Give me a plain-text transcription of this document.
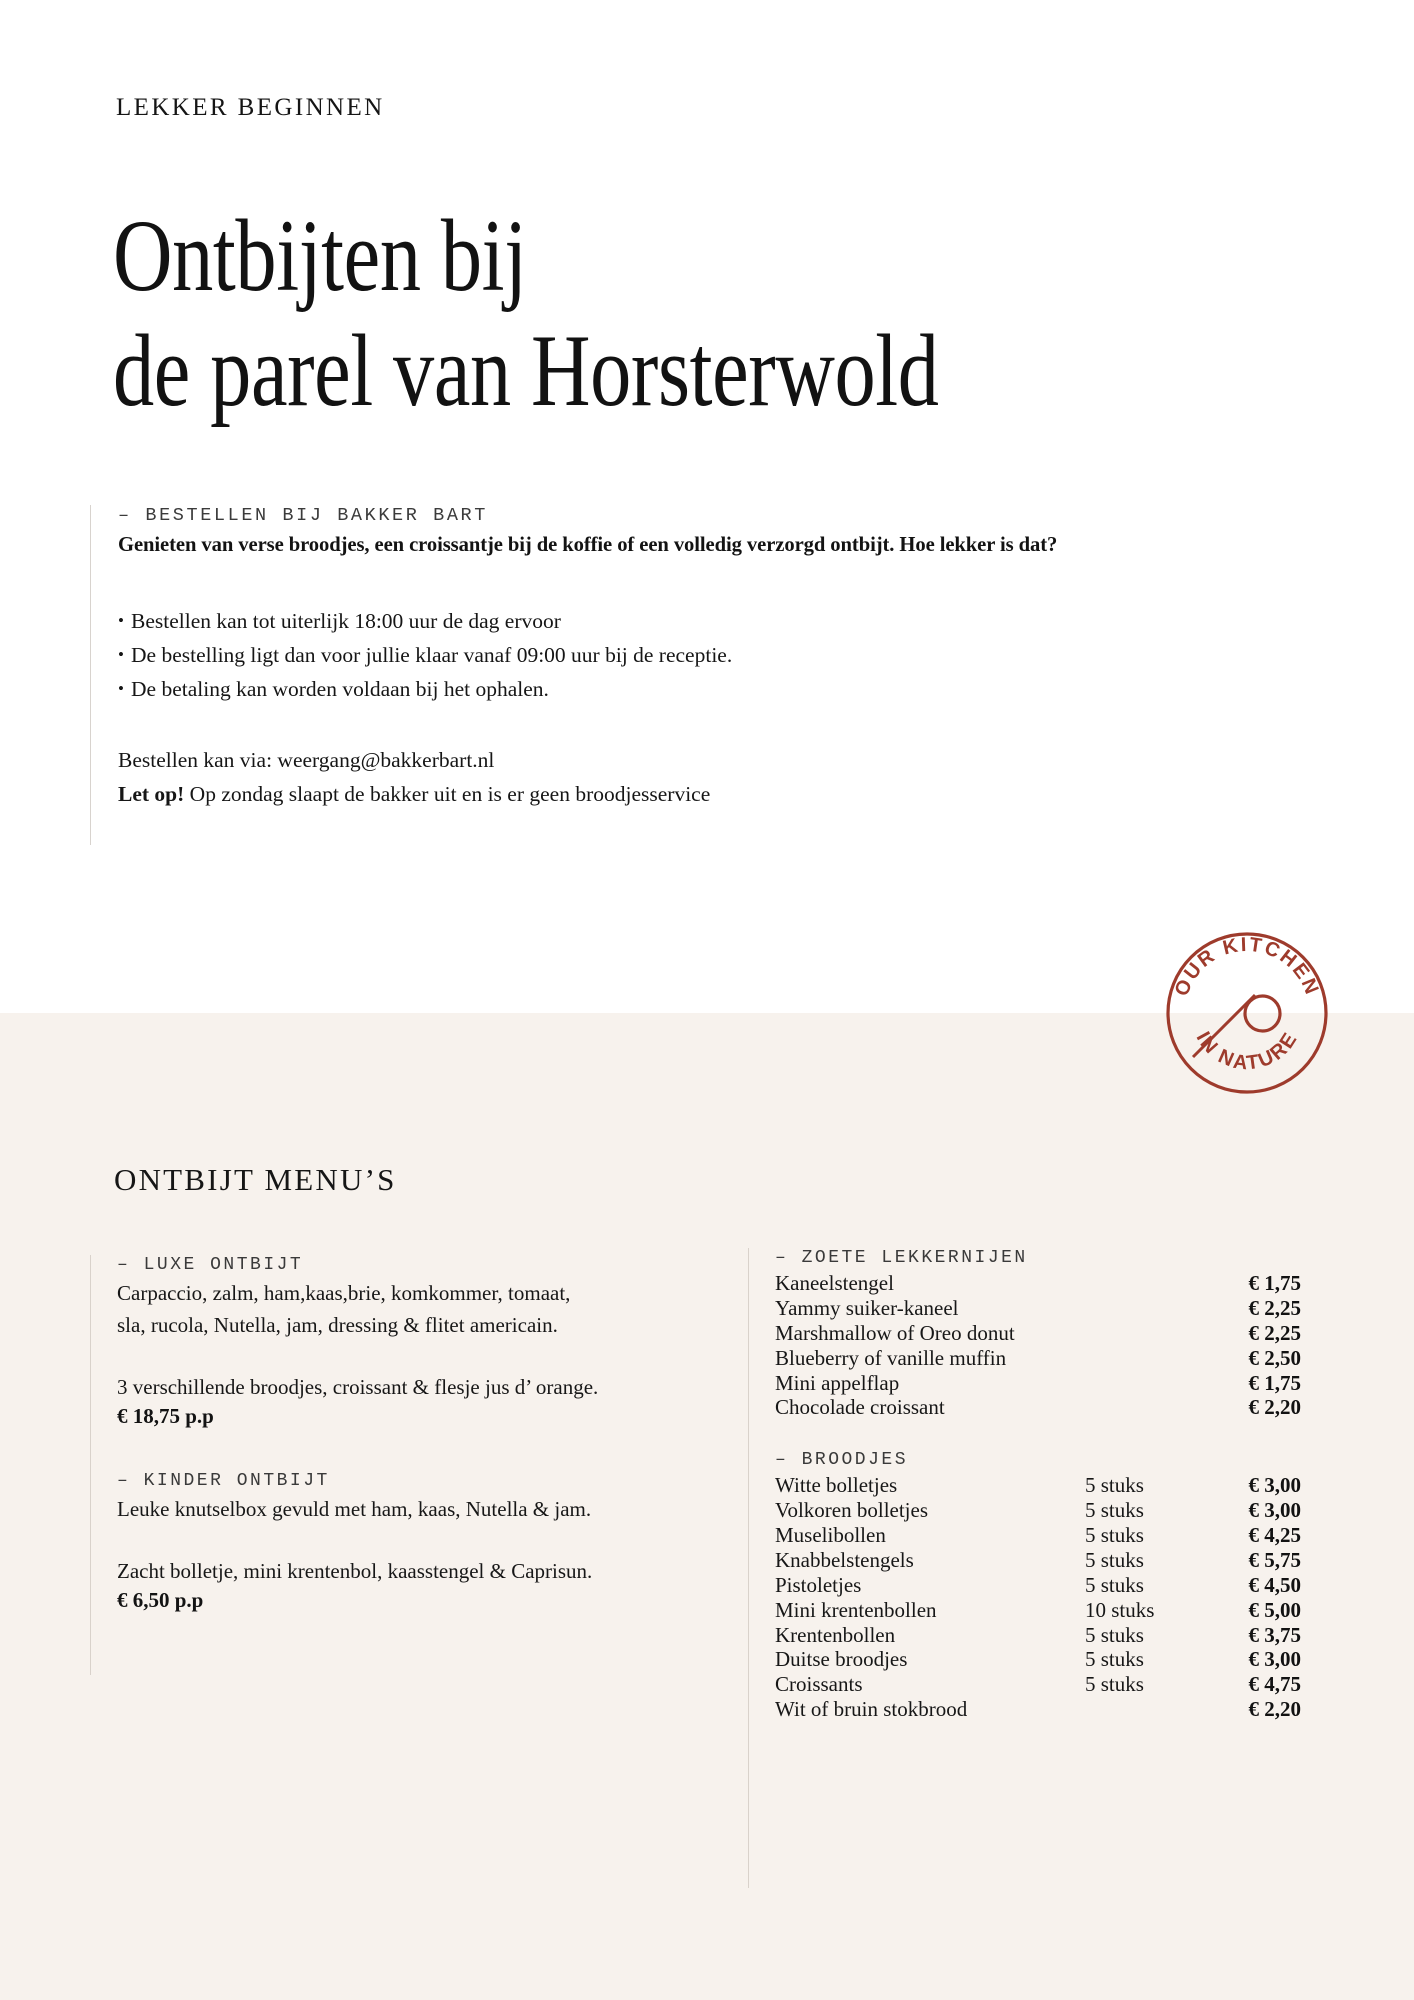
LEKKER BEGINNEN
Ontbijten bij
de parel van Horsterwold
– BESTELLEN BIJ BAKKER BART
Genieten van verse broodjes, een croissantje bij de koffie of een volledig verzorgd ontbijt. Hoe lekker is dat?
• Bestellen kan tot uiterlijk 18:00 uur de dag ervoor
• De bestelling ligt dan voor jullie klaar vanaf 09:00 uur bij de receptie.
• De betaling kan worden voldaan bij het ophalen.
Bestellen kan via: weergang@bakkerbart.nl
Let op! Op zondag slaapt de bakker uit en is er geen broodjesservice
OUR KITCHEN
IN NATURE
ONTBIJT MENU’S
– LUXE ONTBIJT
Carpaccio, zalm, ham,kaas,brie, komkommer, tomaat,
sla, rucola, Nutella, jam, dressing & flitet americain.
3 verschillende broodjes, croissant & flesje jus d’ orange.
€ 18,75 p.p
– KINDER ONTBIJT
Leuke knutselbox gevuld met ham, kaas, Nutella & jam.
Zacht bolletje, mini krentenbol, kaasstengel & Caprisun.
€ 6,50 p.p
– ZOETE LEKKERNIJEN
Kaneelstengel	€ 1,75
Yammy suiker-kaneel	€ 2,25
Marshmallow of Oreo donut	€ 2,25
Blueberry of vanille muffin	€ 2,50
Mini appelflap	€ 1,75
Chocolade croissant	€ 2,20
– BROODJES
Witte bolletjes	5 stuks	€ 3,00
Volkoren bolletjes	5 stuks	€ 3,00
Muselibollen	5 stuks	€ 4,25
Knabbelstengels	5 stuks	€ 5,75
Pistoletjes	5 stuks	€ 4,50
Mini krentenbollen	10 stuks	€ 5,00
Krentenbollen	5 stuks	€ 3,75
Duitse broodjes	5 stuks	€ 3,00
Croissants	5 stuks	€ 4,75
Wit of bruin stokbrood	€ 2,20
